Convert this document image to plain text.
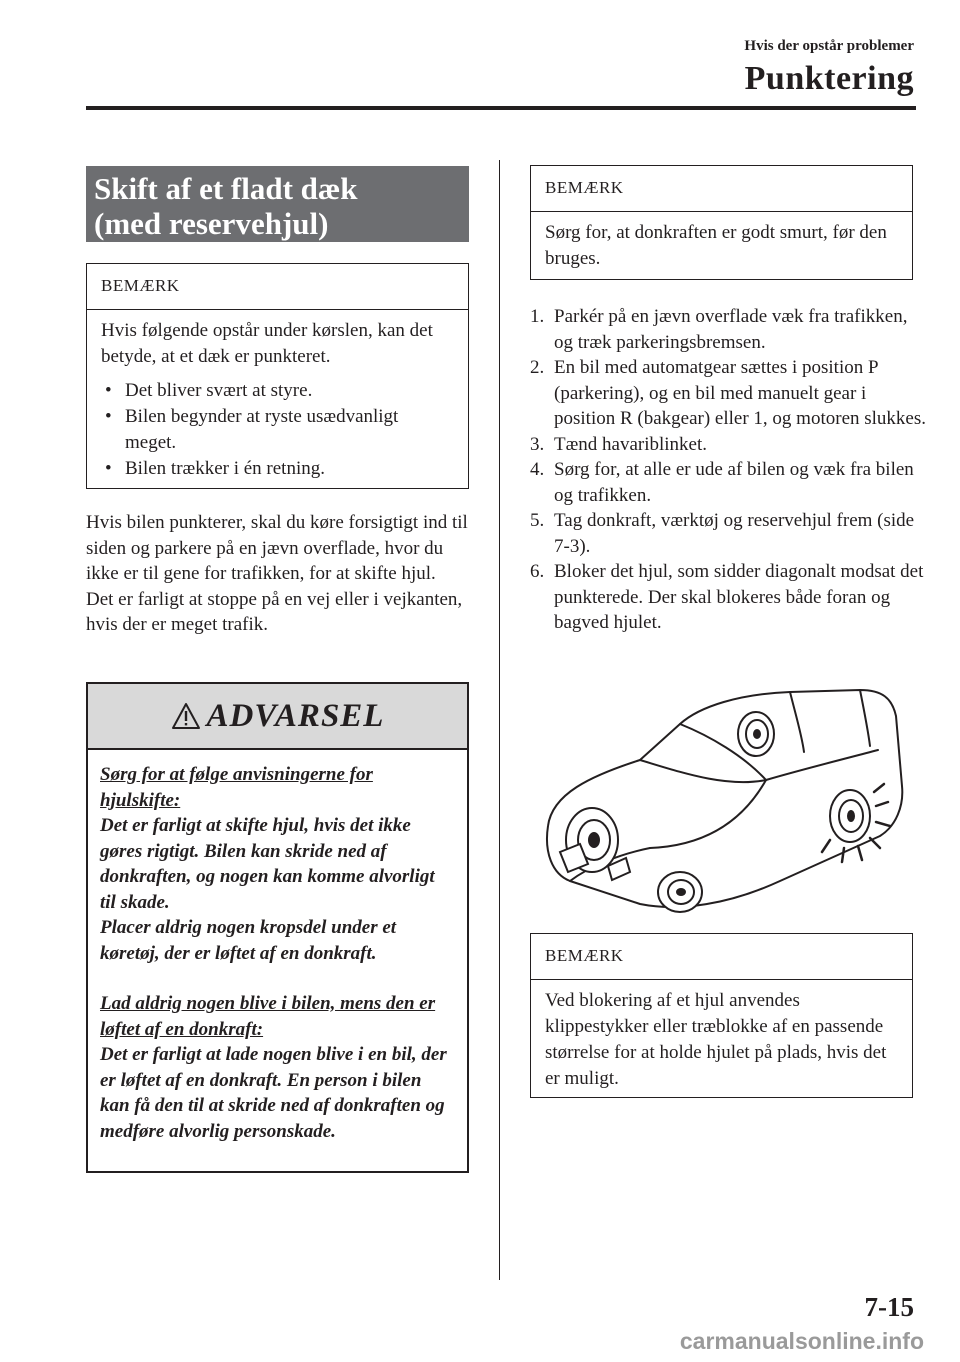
Hvis der opstår problemer
Punktering
Skift af et fladt dæk
(med reservehjul)
BEMÆRK

Hvis følgende opstår under kørslen, kan det betyde, at et dæk er punkteret.

• Det bliver svært at styre.
• Bilen begynder at ryste usædvanligt meget.
• Bilen trækker i én retning.

Hvis bilen punkterer, skal du køre forsigtigt ind til siden og parkere på en jævn overflade, hvor du ikke er til gene for trafikken, for at skifte hjul.

Det er farligt at stoppe på en vej eller i vejkanten, hvis der er meget trafik.

ADVARSEL

Sørg for at følge anvisningerne for hjulskifte:

Det er farligt at skifte hjul, hvis det ikke gøres rigtigt. Bilen kan skride ned af donkraften, og nogen kan komme alvorligt til skade.

Placer aldrig nogen kropsdel under et køretøj, der er løftet af en donkraft.

Lad aldrig nogen blive i bilen, mens den er løftet af en donkraft:

Det er farligt at lade nogen blive i en bil, der er løftet af en donkraft. En person i bilen kan få den til at skride ned af donkraften og medføre alvorlig personskade.

BEMÆRK

Sørg for, at donkraften er godt smurt, før den bruges.

1. Parkér på en jævn overflade væk fra trafikken, og træk parkeringsbremsen.
2. En bil med automatgear sættes i position P (parkering), og en bil med manuelt gear i position R (bakgear) eller 1, og motoren slukkes.
3. Tænd havariblinket.
4. Sørg for, at alle er ude af bilen og væk fra bilen og trafikken.
5. Tag donkraft, værktøj og reservehjul frem (side 7-3).
6. Bloker det hjul, som sidder diagonalt modsat det punkterede. Der skal blokeres både foran og bagved hjulet.
BEMÆRK

Ved blokering af et hjul anvendes klippestykker eller træblokke af en passende størrelse for at holde hjulet på plads, hvis det er muligt.

7-15
carmanualsonline.info
